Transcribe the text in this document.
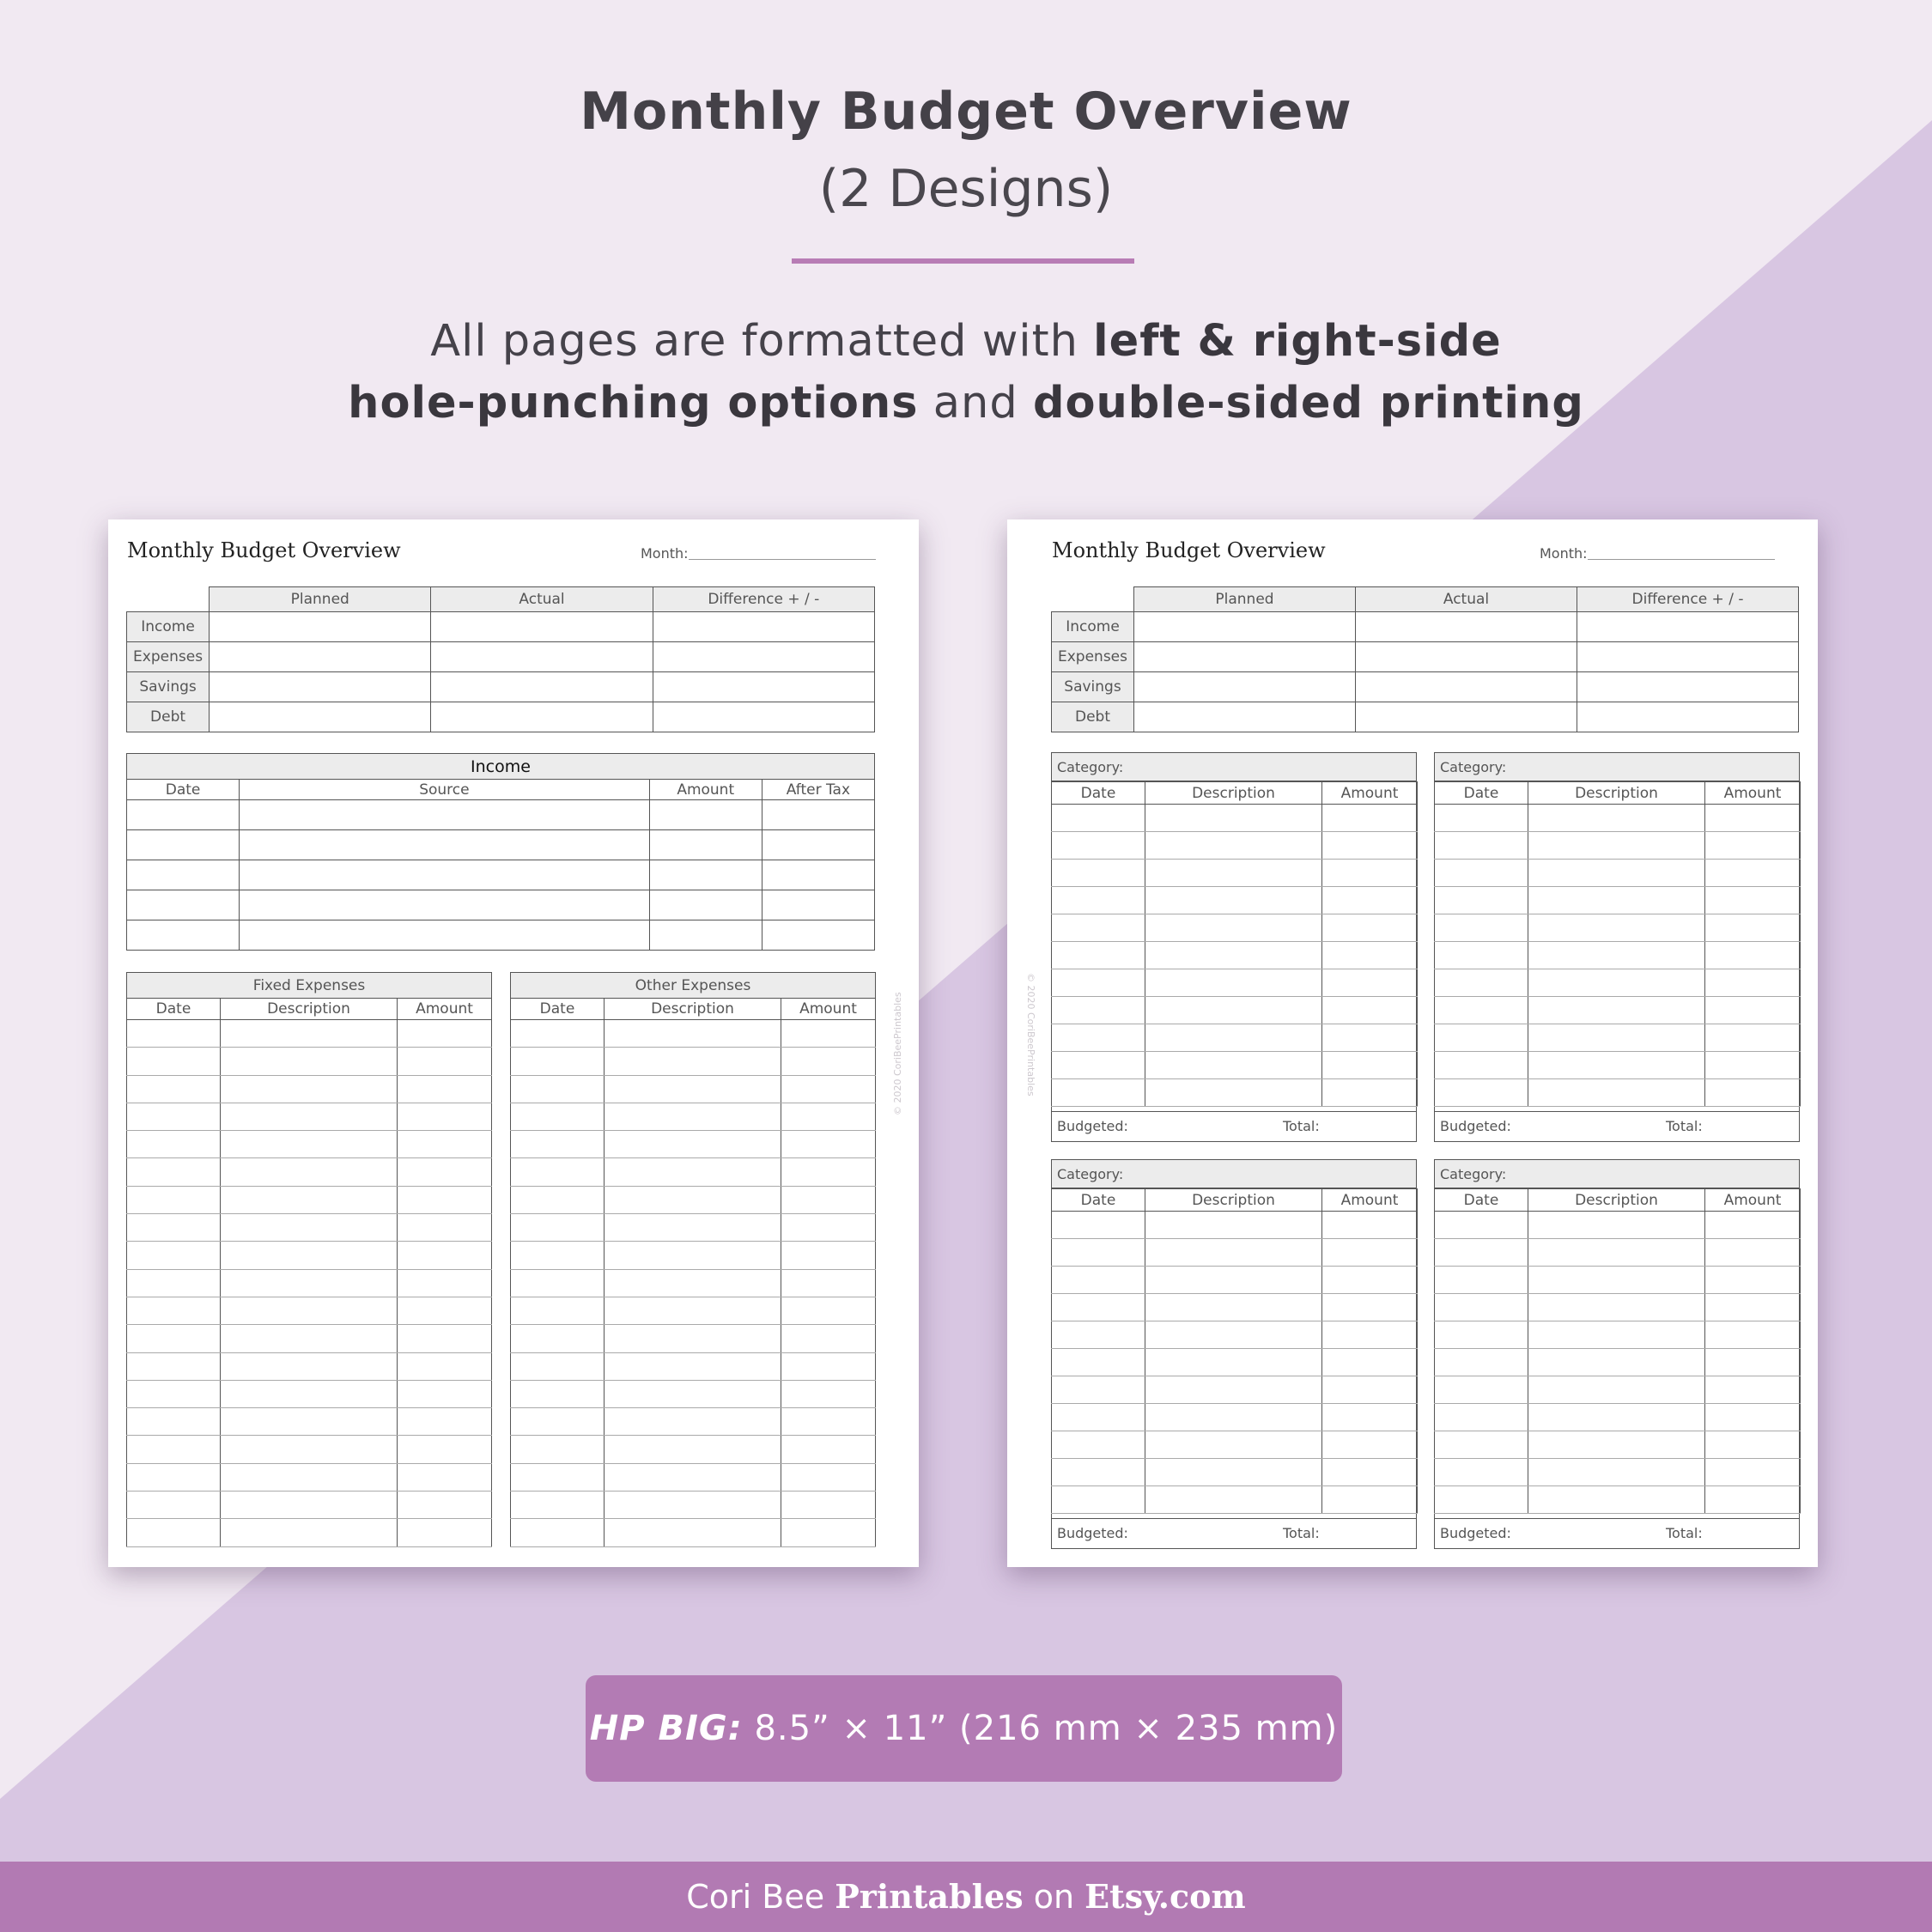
Monthly Budget Overview
(2 Designs)
All pages are formatted with left & right-side
hole-punching options and double-sided printing
Monthly Budget Overview	Month:
	Planned	Actual	Difference + / -
Income			
Expenses			
Savings			
Debt			
Income			
Date	Source	Amount	After Tax

Fixed Expenses		
Date	Description	Amount

Other Expenses		
Date	Description	Amount

			© 2020 CoriBeePrintables
Monthly Budget Overview	Month:
	Planned	Actual	Difference + / -
Income			
Expenses			
Savings			
Debt			
Category:
Date	Description	Amount

Budgeted:	Total:
Category:
Date	Description	Amount

Budgeted:	Total:
Category:
Date	Description	Amount

Budgeted:	Total:
Category:
Date	Description	Amount

Budgeted:	Total:
© 2020 CoriBeePrintables
HP BIG: 8.5” × 11” (216 mm × 235 mm)
Cori Bee Printables on Etsy.com
